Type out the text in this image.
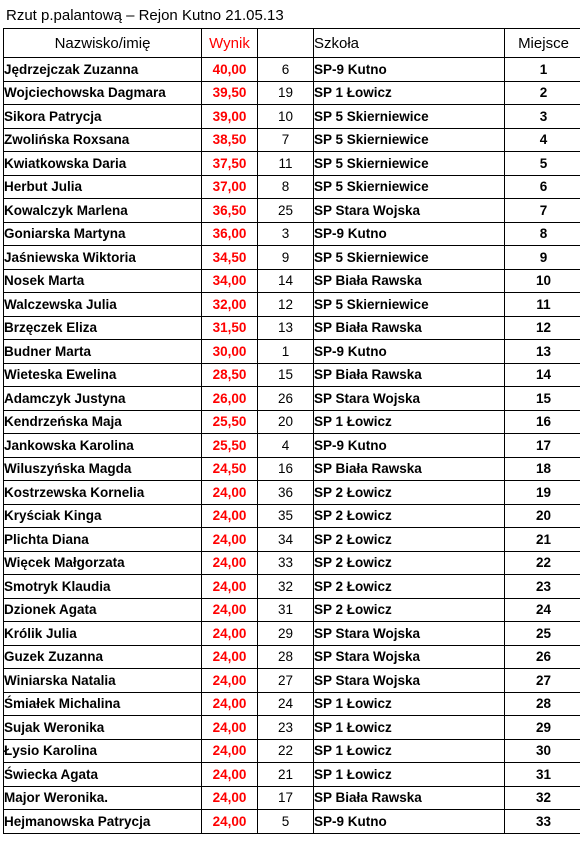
Rzut p.palantową – Rejon Kutno 21.05.13
Nazwisko/imię	Wynik		Szkoła	Miejsce
Jędrzejczak Zuzanna	40,00	6	SP-9 Kutno	1
Wojciechowska Dagmara	39,50	19	SP 1 Łowicz	2
Sikora Patrycja	39,00	10	SP 5 Skierniewice	3
Zwolińska Roxsana	38,50	7	SP 5 Skierniewice	4
Kwiatkowska Daria	37,50	11	SP 5 Skierniewice	5
Herbut Julia	37,00	8	SP 5 Skierniewice	6
Kowalczyk Marlena	36,50	25	SP Stara Wojska	7
Goniarska Martyna	36,00	3	SP-9 Kutno	8
Jaśniewska Wiktoria	34,50	9	SP 5 Skierniewice	9
Nosek Marta	34,00	14	SP Biała Rawska	10
Walczewska Julia	32,00	12	SP 5 Skierniewice	11
Brzęczek Eliza	31,50	13	SP Biała Rawska	12
Budner Marta	30,00	1	SP-9 Kutno	13
Wieteska Ewelina	28,50	15	SP Biała Rawska	14
Adamczyk Justyna	26,00	26	SP Stara Wojska	15
Kendrzeńska Maja	25,50	20	SP 1 Łowicz	16
Jankowska Karolina	25,50	4	SP-9 Kutno	17
Wiluszyńska Magda	24,50	16	SP Biała Rawska	18
Kostrzewska Kornelia	24,00	36	SP 2 Łowicz	19
Kryściak Kinga	24,00	35	SP 2 Łowicz	20
Plichta Diana	24,00	34	SP 2 Łowicz	21
Więcek Małgorzata	24,00	33	SP 2 Łowicz	22
Smotryk Klaudia	24,00	32	SP 2 Łowicz	23
Dzionek Agata	24,00	31	SP 2 Łowicz	24
Królik Julia	24,00	29	SP Stara Wojska	25
Guzek Zuzanna	24,00	28	SP Stara Wojska	26
Winiarska Natalia	24,00	27	SP Stara Wojska	27
Śmiałek Michalina	24,00	24	SP 1 Łowicz	28
Sujak Weronika	24,00	23	SP 1 Łowicz	29
Łysio Karolina	24,00	22	SP 1 Łowicz	30
Świecka Agata	24,00	21	SP 1 Łowicz	31
Major Weronika.	24,00	17	SP Biała Rawska	32
Hejmanowska Patrycja	24,00	5	SP-9 Kutno	33
